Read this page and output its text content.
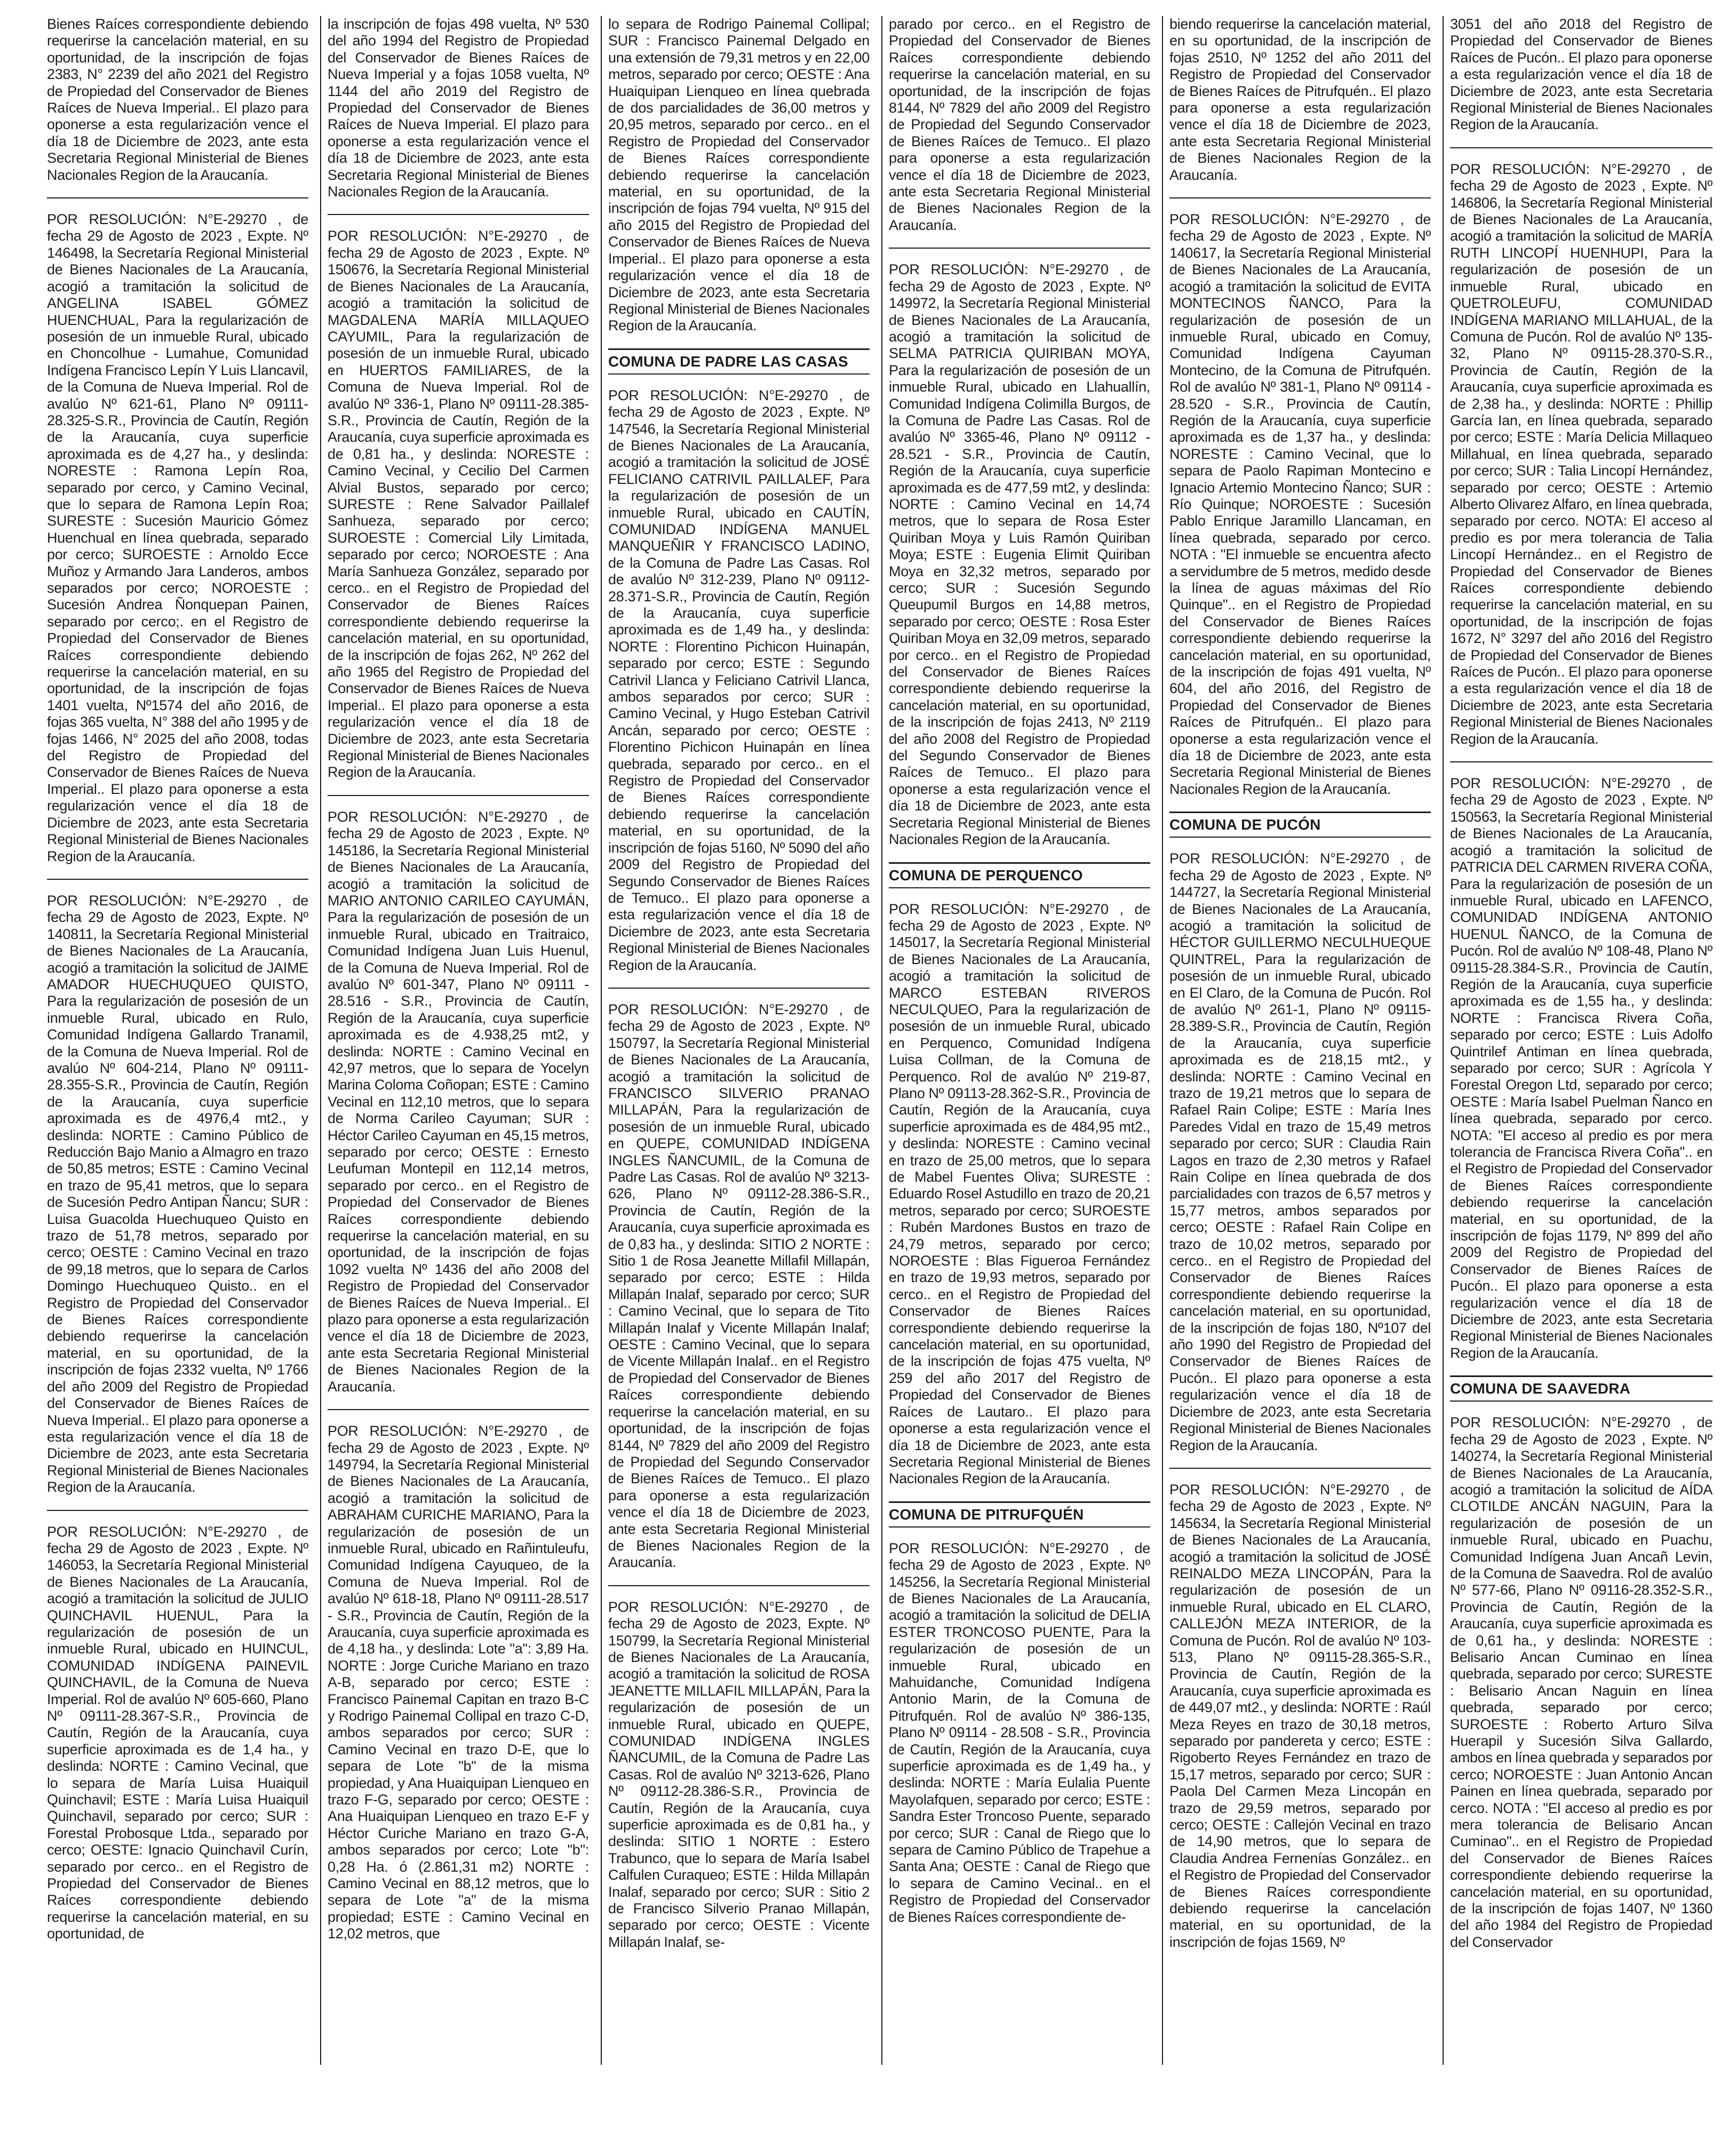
Bienes Raíces correspondiente debiendo requerirse la cancelación material, en su oportunidad, de la inscripción de fojas 2383, N° 2239 del año 2021 del Registro de Propiedad del Conservador de Bienes Raíces de Nueva Imperial.. El plazo para oponerse a esta regularización vence el día 18 de Diciembre de 2023, ante esta Secretaria Regional Ministerial de Bienes Nacionales Region de la Araucanía.

POR RESOLUCIÓN: N°E-29270 , de fecha 29 de Agosto de 2023 , Expte. Nº 146498, la Secretaría Regional Ministerial de Bienes Nacionales de La Araucanía, acogió a tramitación la solicitud de ANGELINA ISABEL GÓMEZ HUENCHUAL, Para la regularización de posesión de un inmueble Rural, ubicado en Choncolhue - Lumahue, Comunidad Indígena Francisco Lepín Y Luis Llancavil, de la Comuna de Nueva Imperial. Rol de avalúo Nº 621-61, Plano Nº 09111-28.325-S.R., Provincia de Cautín, Región de la Araucanía, cuya superficie aproximada es de 4,27 ha., y deslinda: NORESTE : Ramona Lepín Roa, separado por cerco, y Camino Vecinal, que lo separa de Ramona Lepín Roa; SURESTE : Sucesión Mauricio Gómez Huenchual en línea quebrada, separado por cerco; SUROESTE : Arnoldo Ecce Muñoz y Armando Jara Landeros, ambos separados por cerco; NOROESTE : Sucesión Andrea Ñonquepan Painen, separado por cerco;. en el Registro de Propiedad del Conservador de Bienes Raíces correspondiente debiendo requerirse la cancelación material, en su oportunidad, de la inscripción de fojas 1401 vuelta, Nº1574 del año 2016, de fojas 365 vuelta, N° 388 del año 1995 y de fojas 1466, N° 2025 del año 2008, todas del Registro de Propiedad del Conservador de Bienes Raíces de Nueva Imperial.. El plazo para oponerse a esta regularización vence el día 18 de Diciembre de 2023, ante esta Secretaria Regional Ministerial de Bienes Nacionales Region de la Araucanía.

POR RESOLUCIÓN: N°E-29270 , de fecha 29 de Agosto de 2023, Expte. Nº 140811, la Secretaría Regional Ministerial de Bienes Nacionales de La Araucanía, acogió a tramitación la solicitud de JAIME AMADOR HUECHUQUEO QUISTO, Para la regularización de posesión de un inmueble Rural, ubicado en Rulo, Comunidad Indígena Gallardo Tranamil, de la Comuna de Nueva Imperial. Rol de avalúo Nº 604-214, Plano Nº 09111-28.355-S.R., Provincia de Cautín, Región de la Araucanía, cuya superficie aproximada es de 4976,4 mt2., y deslinda: NORTE : Camino Público de Reducción Bajo Manio a Almagro en trazo de 50,85 metros; ESTE : Camino Vecinal en trazo de 95,41 metros, que lo separa de Sucesión Pedro Antipan Ñancu; SUR : Luisa Guacolda Huechuqueo Quisto en trazo de 51,78 metros, separado por cerco; OESTE : Camino Vecinal en trazo de 99,18 metros, que lo separa de Carlos Domingo Huechuqueo Quisto.. en el Registro de Propiedad del Conservador de Bienes Raíces correspondiente debiendo requerirse la cancelación material, en su oportunidad, de la inscripción de fojas 2332 vuelta, Nº 1766 del año 2009 del Registro de Propiedad del Conservador de Bienes Raíces de Nueva Imperial.. El plazo para oponerse a esta regularización vence el día 18 de Diciembre de 2023, ante esta Secretaria Regional Ministerial de Bienes Nacionales Region de la Araucanía.

POR RESOLUCIÓN: N°E-29270 , de fecha 29 de Agosto de 2023 , Expte. Nº 146053, la Secretaría Regional Ministerial de Bienes Nacionales de La Araucanía, acogió a tramitación la solicitud de JULIO QUINCHAVIL HUENUL, Para la regularización de posesión de un inmueble Rural, ubicado en HUINCUL, COMUNIDAD INDÍGENA PAINEVIL QUINCHAVIL, de la Comuna de Nueva Imperial. Rol de avalúo Nº 605-660, Plano Nº 09111-28.367-S.R., Provincia de Cautín, Región de la Araucanía, cuya superficie aproximada es de 1,4 ha., y deslinda: NORTE : Camino Vecinal, que lo separa de María Luisa Huaiquil Quinchavil; ESTE : María Luisa Huaiquil Quinchavil, separado por cerco; SUR : Forestal Probosque Ltda., separado por cerco; OESTE: Ignacio Quinchavil Curín, separado por cerco.. en el Registro de Propiedad del Conservador de Bienes Raíces correspondiente debiendo requerirse la cancelación material, en su oportunidad, de

la inscripción de fojas 498 vuelta, Nº 530 del año 1994 del Registro de Propiedad del Conservador de Bienes Raíces de Nueva Imperial y a fojas 1058 vuelta, Nº 1144 del año 2019 del Registro de Propiedad del Conservador de Bienes Raíces de Nueva Imperial. El plazo para oponerse a esta regularización vence el día 18 de Diciembre de 2023, ante esta Secretaria Regional Ministerial de Bienes Nacionales Region de la Araucanía.

POR RESOLUCIÓN: N°E-29270 , de fecha 29 de Agosto de 2023 , Expte. Nº 150676, la Secretaría Regional Ministerial de Bienes Nacionales de La Araucanía, acogió a tramitación la solicitud de MAGDALENA MARÍA MILLAQUEO CAYUMIL, Para la regularización de posesión de un inmueble Rural, ubicado en HUERTOS FAMILIARES, de la Comuna de Nueva Imperial. Rol de avalúo Nº 336-1, Plano Nº 09111-28.385-S.R., Provincia de Cautín, Región de la Araucanía, cuya superficie aproximada es de 0,81 ha., y deslinda: NORESTE : Camino Vecinal, y Cecilio Del Carmen Alvial Bustos, separado por cerco; SURESTE : Rene Salvador Paillalef Sanhueza, separado por cerco; SUROESTE : Comercial Lily Limitada, separado por cerco; NOROESTE : Ana María Sanhueza González, separado por cerco.. en el Registro de Propiedad del Conservador de Bienes Raíces correspondiente debiendo requerirse la cancelación material, en su oportunidad, de la inscripción de fojas 262, Nº 262 del año 1965 del Registro de Propiedad del Conservador de Bienes Raíces de Nueva Imperial.. El plazo para oponerse a esta regularización vence el día 18 de Diciembre de 2023, ante esta Secretaria Regional Ministerial de Bienes Nacionales Region de la Araucanía.

POR RESOLUCIÓN: N°E-29270 , de fecha 29 de Agosto de 2023 , Expte. Nº 145186, la Secretaría Regional Ministerial de Bienes Nacionales de La Araucanía, acogió a tramitación la solicitud de MARIO ANTONIO CARILEO CAYUMÁN, Para la regularización de posesión de un inmueble Rural, ubicado en Traitraico, Comunidad Indígena Juan Luis Huenul, de la Comuna de Nueva Imperial. Rol de avalúo Nº 601-347, Plano Nº 09111 - 28.516 - S.R., Provincia de Cautín, Región de la Araucanía, cuya superficie aproximada es de 4.938,25 mt2, y deslinda: NORTE : Camino Vecinal en 42,97 metros, que lo separa de Yocelyn Marina Coloma Coñopan; ESTE : Camino Vecinal en 112,10 metros, que lo separa de Norma Carileo Cayuman; SUR : Héctor Carileo Cayuman en 45,15 metros, separado por cerco; OESTE : Ernesto Leufuman Montepil en 112,14 metros, separado por cerco.. en el Registro de Propiedad del Conservador de Bienes Raíces correspondiente debiendo requerirse la cancelación material, en su oportunidad, de la inscripción de fojas 1092 vuelta Nº 1436 del año 2008 del Registro de Propiedad del Conservador de Bienes Raíces de Nueva Imperial.. El plazo para oponerse a esta regularización vence el día 18 de Diciembre de 2023, ante esta Secretaria Regional Ministerial de Bienes Nacionales Region de la Araucanía.

POR RESOLUCIÓN: N°E-29270 , de fecha 29 de Agosto de 2023 , Expte. Nº 149794, la Secretaría Regional Ministerial de Bienes Nacionales de La Araucanía, acogió a tramitación la solicitud de ABRAHAM CURICHE MARIANO, Para la regularización de posesión de un inmueble Rural, ubicado en Rañintuleufu, Comunidad Indígena Cayuqueo, de la Comuna de Nueva Imperial. Rol de avalúo Nº 618-18, Plano Nº 09111-28.517 - S.R., Provincia de Cautín, Región de la Araucanía, cuya superficie aproximada es de 4,18 ha., y deslinda: Lote "a": 3,89 Ha. NORTE : Jorge Curiche Mariano en trazo A-B, separado por cerco; ESTE : Francisco Painemal Capitan en trazo B-C y Rodrigo Painemal Collipal en trazo C-D, ambos separados por cerco; SUR : Camino Vecinal en trazo D-E, que lo separa de Lote "b" de la misma propiedad, y Ana Huaiquipan Lienqueo en trazo F-G, separado por cerco; OESTE : Ana Huaiquipan Lienqueo en trazo E-F y Héctor Curiche Mariano en trazo G-A, ambos separados por cerco; Lote "b": 0,28 Ha. ó (2.861,31 m2) NORTE : Camino Vecinal en 88,12 metros, que lo separa de Lote "a" de la misma propiedad; ESTE : Camino Vecinal en 12,02 metros, que

lo separa de Rodrigo Painemal Collipal; SUR : Francisco Painemal Delgado en una extensión de 79,31 metros y en 22,00 metros, separado por cerco; OESTE : Ana Huaiquipan Lienqueo en línea quebrada de dos parcialidades de 36,00 metros y 20,95 metros, separado por cerco.. en el Registro de Propiedad del Conservador de Bienes Raíces correspondiente debiendo requerirse la cancelación material, en su oportunidad, de la inscripción de fojas 794 vuelta, Nº 915 del año 2015 del Registro de Propiedad del Conservador de Bienes Raíces de Nueva Imperial.. El plazo para oponerse a esta regularización vence el día 18 de Diciembre de 2023, ante esta Secretaria Regional Ministerial de Bienes Nacionales Region de la Araucanía.

COMUNA DE PADRE LAS CASAS

POR RESOLUCIÓN: N°E-29270 , de fecha 29 de Agosto de 2023 , Expte. Nº 147546, la Secretaría Regional Ministerial de Bienes Nacionales de La Araucanía, acogió a tramitación la solicitud de JOSÉ FELICIANO CATRIVIL PAILLALEF, Para la regularización de posesión de un inmueble Rural, ubicado en CAUTÍN, COMUNIDAD INDÍGENA MANUEL MANQUEÑIR Y FRANCISCO LADINO, de la Comuna de Padre Las Casas. Rol de avalúo Nº 312-239, Plano Nº 09112-28.371-S.R., Provincia de Cautín, Región de la Araucanía, cuya superficie aproximada es de 1,49 ha., y deslinda: NORTE : Florentino Pichicon Huinapán, separado por cerco; ESTE : Segundo Catrivil Llanca y Feliciano Catrivil Llanca, ambos separados por cerco; SUR : Camino Vecinal, y Hugo Esteban Catrivil Ancán, separado por cerco; OESTE : Florentino Pichicon Huinapán en línea quebrada, separado por cerco.. en el Registro de Propiedad del Conservador de Bienes Raíces correspondiente debiendo requerirse la cancelación material, en su oportunidad, de la inscripción de fojas 5160, Nº 5090 del año 2009 del Registro de Propiedad del Segundo Conservador de Bienes Raíces de Temuco.. El plazo para oponerse a esta regularización vence el día 18 de Diciembre de 2023, ante esta Secretaria Regional Ministerial de Bienes Nacionales Region de la Araucanía.

POR RESOLUCIÓN: N°E-29270 , de fecha 29 de Agosto de 2023 , Expte. Nº 150797, la Secretaría Regional Ministerial de Bienes Nacionales de La Araucanía, acogió a tramitación la solicitud de FRANCISCO SILVERIO PRANAO MILLAPÁN, Para la regularización de posesión de un inmueble Rural, ubicado en QUEPE, COMUNIDAD INDÍGENA INGLES ÑANCUMIL, de la Comuna de Padre Las Casas. Rol de avalúo Nº 3213-626, Plano Nº 09112-28.386-S.R., Provincia de Cautín, Región de la Araucanía, cuya superficie aproximada es de 0,83 ha., y deslinda: SITIO 2 NORTE : Sitio 1 de Rosa Jeanette Millafil Millapán, separado por cerco; ESTE : Hilda Millapán Inalaf, separado por cerco; SUR : Camino Vecinal, que lo separa de Tito Millapán Inalaf y Vicente Millapán Inalaf; OESTE : Camino Vecinal, que lo separa de Vicente Millapán Inalaf.. en el Registro de Propiedad del Conservador de Bienes Raíces correspondiente debiendo requerirse la cancelación material, en su oportunidad, de la inscripción de fojas 8144, Nº 7829 del año 2009 del Registro de Propiedad del Segundo Conservador de Bienes Raíces de Temuco.. El plazo para oponerse a esta regularización vence el día 18 de Diciembre de 2023, ante esta Secretaria Regional Ministerial de Bienes Nacionales Region de la Araucanía.

POR RESOLUCIÓN: N°E-29270 , de fecha 29 de Agosto de 2023, Expte. Nº 150799, la Secretaría Regional Ministerial de Bienes Nacionales de La Araucanía, acogió a tramitación la solicitud de ROSA JEANETTE MILLAFIL MILLAPÁN, Para la regularización de posesión de un inmueble Rural, ubicado en QUEPE, COMUNIDAD INDÍGENA INGLES ÑANCUMIL, de la Comuna de Padre Las Casas. Rol de avalúo Nº 3213-626, Plano Nº 09112-28.386-S.R., Provincia de Cautín, Región de la Araucanía, cuya superficie aproximada es de 0,81 ha., y deslinda: SITIO 1 NORTE : Estero Trabunco, que lo separa de María Isabel Calfulen Curaqueo; ESTE : Hilda Millapán Inalaf, separado por cerco; SUR : Sitio 2 de Francisco Silverio Pranao Millapán, separado por cerco; OESTE : Vicente Millapán Inalaf, se-

parado por cerco.. en el Registro de Propiedad del Conservador de Bienes Raíces correspondiente debiendo requerirse la cancelación material, en su oportunidad, de la inscripción de fojas 8144, Nº 7829 del año 2009 del Registro de Propiedad del Segundo Conservador de Bienes Raíces de Temuco.. El plazo para oponerse a esta regularización vence el día 18 de Diciembre de 2023, ante esta Secretaria Regional Ministerial de Bienes Nacionales Region de la Araucanía.

POR RESOLUCIÓN: N°E-29270 , de fecha 29 de Agosto de 2023 , Expte. Nº 149972, la Secretaría Regional Ministerial de Bienes Nacionales de La Araucanía, acogió a tramitación la solicitud de SELMA PATRICIA QUIRIBAN MOYA, Para la regularización de posesión de un inmueble Rural, ubicado en Llahuallín, Comunidad Indígena Colimilla Burgos, de la Comuna de Padre Las Casas. Rol de avalúo Nº 3365-46, Plano Nº 09112 - 28.521 - S.R., Provincia de Cautín, Región de la Araucanía, cuya superficie aproximada es de 477,59 mt2, y deslinda: NORTE : Camino Vecinal en 14,74 metros, que lo separa de Rosa Ester Quiriban Moya y Luis Ramón Quiriban Moya; ESTE : Eugenia Elimit Quiriban Moya en 32,32 metros, separado por cerco; SUR : Sucesión Segundo Queupumil Burgos en 14,88 metros, separado por cerco; OESTE : Rosa Ester Quiriban Moya en 32,09 metros, separado por cerco.. en el Registro de Propiedad del Conservador de Bienes Raíces correspondiente debiendo requerirse la cancelación material, en su oportunidad, de la inscripción de fojas 2413, Nº 2119 del año 2008 del Registro de Propiedad del Segundo Conservador de Bienes Raíces de Temuco.. El plazo para oponerse a esta regularización vence el día 18 de Diciembre de 2023, ante esta Secretaria Regional Ministerial de Bienes Nacionales Region de la Araucanía.

COMUNA DE PERQUENCO

POR RESOLUCIÓN: N°E-29270 , de fecha 29 de Agosto de 2023 , Expte. Nº 145017, la Secretaría Regional Ministerial de Bienes Nacionales de La Araucanía, acogió a tramitación la solicitud de MARCO ESTEBAN RIVEROS NECULQUEO, Para la regularización de posesión de un inmueble Rural, ubicado en Perquenco, Comunidad Indígena Luisa Collman, de la Comuna de Perquenco. Rol de avalúo Nº 219-87, Plano Nº 09113-28.362-S.R., Provincia de Cautín, Región de la Araucanía, cuya superficie aproximada es de 484,95 mt2., y deslinda: NORESTE : Camino vecinal en trazo de 25,00 metros, que lo separa de Mabel Fuentes Oliva; SURESTE : Eduardo Rosel Astudillo en trazo de 20,21 metros, separado por cerco; SUROESTE : Rubén Mardones Bustos en trazo de 24,79 metros, separado por cerco; NOROESTE : Blas Figueroa Fernández en trazo de 19,93 metros, separado por cerco.. en el Registro de Propiedad del Conservador de Bienes Raíces correspondiente debiendo requerirse la cancelación material, en su oportunidad, de la inscripción de fojas 475 vuelta, Nº 259 del año 2017 del Registro de Propiedad del Conservador de Bienes Raíces de Lautaro.. El plazo para oponerse a esta regularización vence el día 18 de Diciembre de 2023, ante esta Secretaria Regional Ministerial de Bienes Nacionales Region de la Araucanía.

COMUNA DE PITRUFQUÉN

POR RESOLUCIÓN: N°E-29270 , de fecha 29 de Agosto de 2023 , Expte. Nº 145256, la Secretaría Regional Ministerial de Bienes Nacionales de La Araucanía, acogió a tramitación la solicitud de DELIA ESTER TRONCOSO PUENTE, Para la regularización de posesión de un inmueble Rural, ubicado en Mahuidanche, Comunidad Indígena Antonio Marin, de la Comuna de Pitrufquén. Rol de avalúo Nº 386-135, Plano Nº 09114 - 28.508 - S.R., Provincia de Cautín, Región de la Araucanía, cuya superficie aproximada es de 1,49 ha., y deslinda: NORTE : María Eulalia Puente Mayolafquen, separado por cerco; ESTE : Sandra Ester Troncoso Puente, separado por cerco; SUR : Canal de Riego que lo separa de Camino Público de Trapehue a Santa Ana; OESTE : Canal de Riego que lo separa de Camino Vecinal.. en el Registro de Propiedad del Conservador de Bienes Raíces correspondiente de-

biendo requerirse la cancelación material, en su oportunidad, de la inscripción de fojas 2510, Nº 1252 del año 2011 del Registro de Propiedad del Conservador de Bienes Raíces de Pitrufquén.. El plazo para oponerse a esta regularización vence el día 18 de Diciembre de 2023, ante esta Secretaria Regional Ministerial de Bienes Nacionales Region de la Araucanía.

POR RESOLUCIÓN: N°E-29270 , de fecha 29 de Agosto de 2023 , Expte. Nº 140617, la Secretaría Regional Ministerial de Bienes Nacionales de La Araucanía, acogió a tramitación la solicitud de EVITA MONTECINOS ÑANCO, Para la regularización de posesión de un inmueble Rural, ubicado en Comuy, Comunidad Indígena Cayuman Montecino, de la Comuna de Pitrufquén. Rol de avalúo Nº 381-1, Plano Nº 09114 - 28.520 - S.R., Provincia de Cautín, Región de la Araucanía, cuya superficie aproximada es de 1,37 ha., y deslinda: NORESTE : Camino Vecinal, que lo separa de Paolo Rapiman Montecino e Ignacio Artemio Montecino Ñanco; SUR : Río Quinque; NOROESTE : Sucesión Pablo Enrique Jaramillo Llancaman, en línea quebrada, separado por cerco. NOTA : "El inmueble se encuentra afecto a servidumbre de 5 metros, medido desde la línea de aguas máximas del Río Quinque".. en el Registro de Propiedad del Conservador de Bienes Raíces correspondiente debiendo requerirse la cancelación material, en su oportunidad, de la inscripción de fojas 491 vuelta, Nº 604, del año 2016, del Registro de Propiedad del Conservador de Bienes Raíces de Pitrufquén.. El plazo para oponerse a esta regularización vence el día 18 de Diciembre de 2023, ante esta Secretaria Regional Ministerial de Bienes Nacionales Region de la Araucanía.

COMUNA DE PUCÓN

POR RESOLUCIÓN: N°E-29270 , de fecha 29 de Agosto de 2023 , Expte. Nº 144727, la Secretaría Regional Ministerial de Bienes Nacionales de La Araucanía, acogió a tramitación la solicitud de HÉCTOR GUILLERMO NECULHUEQUE QUINTREL, Para la regularización de posesión de un inmueble Rural, ubicado en El Claro, de la Comuna de Pucón. Rol de avalúo Nº 261-1, Plano Nº 09115-28.389-S.R., Provincia de Cautín, Región de la Araucanía, cuya superficie aproximada es de 218,15 mt2., y deslinda: NORTE : Camino Vecinal en trazo de 19,21 metros que lo separa de Rafael Rain Colipe; ESTE : María Ines Paredes Vidal en trazo de 15,49 metros separado por cerco; SUR : Claudia Rain Lagos en trazo de 2,30 metros y Rafael Rain Colipe en línea quebrada de dos parcialidades con trazos de 6,57 metros y 15,77 metros, ambos separados por cerco; OESTE : Rafael Rain Colipe en trazo de 10,02 metros, separado por cerco.. en el Registro de Propiedad del Conservador de Bienes Raíces correspondiente debiendo requerirse la cancelación material, en su oportunidad, de la inscripción de fojas 180, Nº107 del año 1990 del Registro de Propiedad del Conservador de Bienes Raíces de Pucón.. El plazo para oponerse a esta regularización vence el día 18 de Diciembre de 2023, ante esta Secretaria Regional Ministerial de Bienes Nacionales Region de la Araucanía.

POR RESOLUCIÓN: N°E-29270 , de fecha 29 de Agosto de 2023 , Expte. Nº 145634, la Secretaría Regional Ministerial de Bienes Nacionales de La Araucanía, acogió a tramitación la solicitud de JOSÉ REINALDO MEZA LINCOPÁN, Para la regularización de posesión de un inmueble Rural, ubicado en EL CLARO, CALLEJÓN MEZA INTERIOR, de la Comuna de Pucón. Rol de avalúo Nº 103-513, Plano Nº 09115-28.365-S.R., Provincia de Cautín, Región de la Araucanía, cuya superficie aproximada es de 449,07 mt2., y deslinda: NORTE : Raúl Meza Reyes en trazo de 30,18 metros, separado por pandereta y cerco; ESTE : Rigoberto Reyes Fernández en trazo de 15,17 metros, separado por cerco; SUR : Paola Del Carmen Meza Lincopán en trazo de 29,59 metros, separado por cerco; OESTE : Callejón Vecinal en trazo de 14,90 metros, que lo separa de Claudia Andrea Fernenías González.. en el Registro de Propiedad del Conservador de Bienes Raíces correspondiente debiendo requerirse la cancelación material, en su oportunidad, de la inscripción de fojas 1569, Nº

3051 del año 2018 del Registro de Propiedad del Conservador de Bienes Raíces de Pucón.. El plazo para oponerse a esta regularización vence el día 18 de Diciembre de 2023, ante esta Secretaria Regional Ministerial de Bienes Nacionales Region de la Araucanía.

POR RESOLUCIÓN: N°E-29270 , de fecha 29 de Agosto de 2023 , Expte. Nº 146806, la Secretaría Regional Ministerial de Bienes Nacionales de La Araucanía, acogió a tramitación la solicitud de MARÍA RUTH LINCOPÍ HUENHUPI, Para la regularización de posesión de un inmueble Rural, ubicado en QUETROLEUFU, COMUNIDAD INDÍGENA MARIANO MILLAHUAL, de la Comuna de Pucón. Rol de avalúo Nº 135-32, Plano Nº 09115-28.370-S.R., Provincia de Cautín, Región de la Araucanía, cuya superficie aproximada es de 2,38 ha., y deslinda: NORTE : Phillip García Ian, en línea quebrada, separado por cerco; ESTE : María Delicia Millaqueo Millahual, en línea quebrada, separado por cerco; SUR : Talia Lincopí Hernández, separado por cerco; OESTE : Artemio Alberto Olivarez Alfaro, en línea quebrada, separado por cerco. NOTA: El acceso al predio es por mera tolerancia de Talia Lincopí Hernández.. en el Registro de Propiedad del Conservador de Bienes Raíces correspondiente debiendo requerirse la cancelación material, en su oportunidad, de la inscripción de fojas 1672, N° 3297 del año 2016 del Registro de Propiedad del Conservador de Bienes Raíces de Pucón.. El plazo para oponerse a esta regularización vence el día 18 de Diciembre de 2023, ante esta Secretaria Regional Ministerial de Bienes Nacionales Region de la Araucanía.

POR RESOLUCIÓN: N°E-29270 , de fecha 29 de Agosto de 2023 , Expte. Nº 150563, la Secretaría Regional Ministerial de Bienes Nacionales de La Araucanía, acogió a tramitación la solicitud de PATRICIA DEL CARMEN RIVERA COÑA, Para la regularización de posesión de un inmueble Rural, ubicado en LAFENCO, COMUNIDAD INDÍGENA ANTONIO HUENUL ÑANCO, de la Comuna de Pucón. Rol de avalúo Nº 108-48, Plano Nº 09115-28.384-S.R., Provincia de Cautín, Región de la Araucanía, cuya superficie aproximada es de 1,55 ha., y deslinda: NORTE : Francisca Rivera Coña, separado por cerco; ESTE : Luis Adolfo Quintrilef Antiman en línea quebrada, separado por cerco; SUR : Agrícola Y Forestal Oregon Ltd, separado por cerco; OESTE : María Isabel Puelman Ñanco en línea quebrada, separado por cerco. NOTA: "El acceso al predio es por mera tolerancia de Francisca Rivera Coña".. en el Registro de Propiedad del Conservador de Bienes Raíces correspondiente debiendo requerirse la cancelación material, en su oportunidad, de la inscripción de fojas 1179, Nº 899 del año 2009 del Registro de Propiedad del Conservador de Bienes Raíces de Pucón.. El plazo para oponerse a esta regularización vence el día 18 de Diciembre de 2023, ante esta Secretaria Regional Ministerial de Bienes Nacionales Region de la Araucanía.

COMUNA DE SAAVEDRA

POR RESOLUCIÓN: N°E-29270 , de fecha 29 de Agosto de 2023 , Expte. Nº 140274, la Secretaría Regional Ministerial de Bienes Nacionales de La Araucanía, acogió a tramitación la solicitud de AÍDA CLOTILDE ANCÁN NAGUIN, Para la regularización de posesión de un inmueble Rural, ubicado en Puachu, Comunidad Indígena Juan Ancañ Levin, de la Comuna de Saavedra. Rol de avalúo Nº 577-66, Plano Nº 09116-28.352-S.R., Provincia de Cautín, Región de la Araucanía, cuya superficie aproximada es de 0,61 ha., y deslinda: NORESTE : Belisario Ancan Cuminao en línea quebrada, separado por cerco; SURESTE : Belisario Ancan Naguin en línea quebrada, separado por cerco; SUROESTE : Roberto Arturo Silva Huerapil y Sucesión Silva Gallardo, ambos en línea quebrada y separados por cerco; NOROESTE : Juan Antonio Ancan Painen en línea quebrada, separado por cerco. NOTA : "El acceso al predio es por mera tolerancia de Belisario Ancan Cuminao".. en el Registro de Propiedad del Conservador de Bienes Raíces correspondiente debiendo requerirse la cancelación material, en su oportunidad, de la inscripción de fojas 1407, Nº 1360 del año 1984 del Registro de Propiedad del Conservador
